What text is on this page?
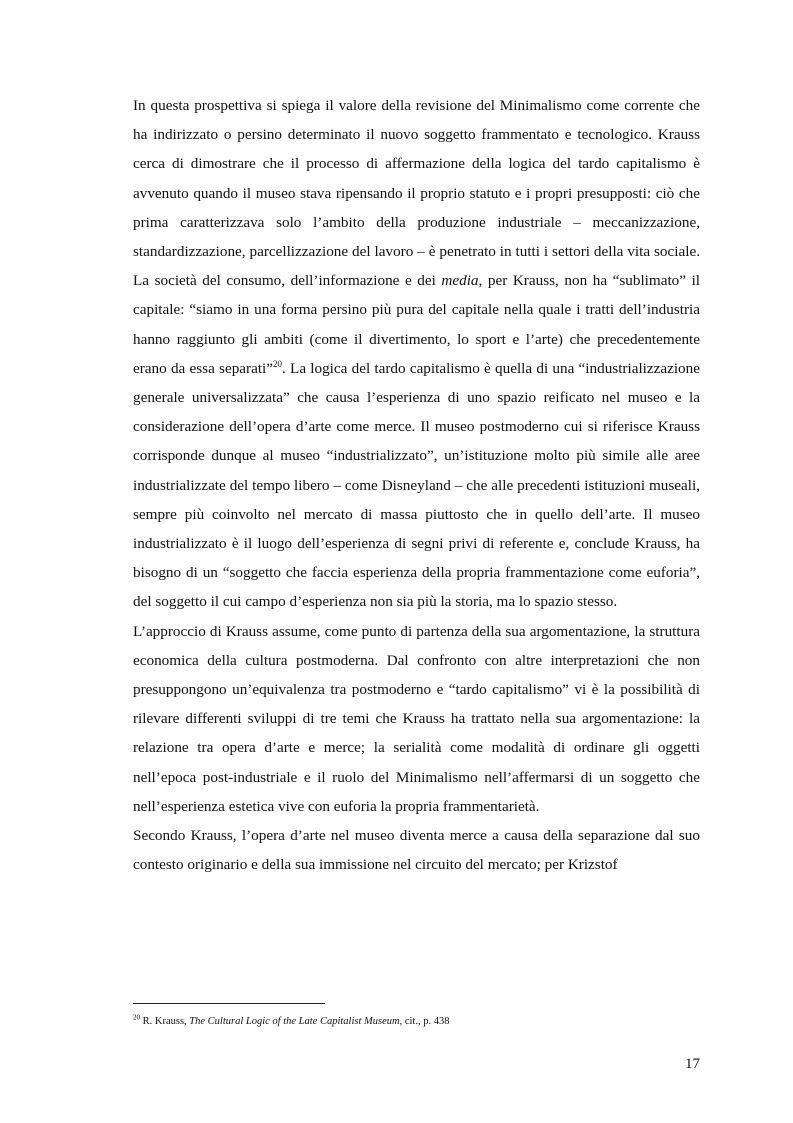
In questa prospettiva si spiega il valore della revisione del Minimalismo come corrente che ha indirizzato o persino determinato il nuovo soggetto frammentato e tecnologico. Krauss cerca di dimostrare che il processo di affermazione della logica del tardo capitalismo è avvenuto quando il museo stava ripensando il proprio statuto e i propri presupposti: ciò che prima caratterizzava solo l’ambito della produzione industriale – meccanizzazione, standardizzazione, parcellizzazione del lavoro – è penetrato in tutti i settori della vita sociale. La società del consumo, dell’informazione e dei media, per Krauss, non ha “sublimato” il capitale: “siamo in una forma persino più pura del capitale nella quale i tratti dell’industria hanno raggiunto gli ambiti (come il divertimento, lo sport e l’arte) che precedentemente erano da essa separati”$^{20}$. La logica del tardo capitalismo è quella di una “industrializzazione generale universalizzata” che causa l’esperienza di uno spazio reificato nel museo e la considerazione dell’opera d’arte come merce. Il museo postmoderno cui si riferisce Krauss corrisponde dunque al museo “industrializzato”, un’istituzione molto più simile alle aree industrializzate del tempo libero – come Disneyland – che alle precedenti istituzioni museali, sempre più coinvolto nel mercato di massa piuttosto che in quello dell’arte. Il museo industrializzato è il luogo dell’esperienza di segni privi di referente e, conclude Krauss, ha bisogno di un “soggetto che faccia esperienza della propria frammentazione come euforia”, del soggetto il cui campo d’esperienza non sia più la storia, ma lo spazio stesso.

L’approccio di Krauss assume, come punto di partenza della sua argomentazione, la struttura economica della cultura postmoderna. Dal confronto con altre interpretazioni che non presuppongono un’equivalenza tra postmoderno e “tardo capitalismo” vi è la possibilità di rilevare differenti sviluppi di tre temi che Krauss ha trattato nella sua argomentazione: la relazione tra opera d’arte e merce; la serialità come modalità di ordinare gli oggetti nell’epoca post-industriale e il ruolo del Minimalismo nell’affermarsi di un soggetto che nell’esperienza estetica vive con euforia la propria frammentarietà.

Secondo Krauss, l’opera d’arte nel museo diventa merce a causa della separazione dal suo contesto originario e della sua immissione nel circuito del mercato; per Krizstof

$^{20}$ R. Krauss, The Cultural Logic of the Late Capitalist Museum, cit., p. 438
17
